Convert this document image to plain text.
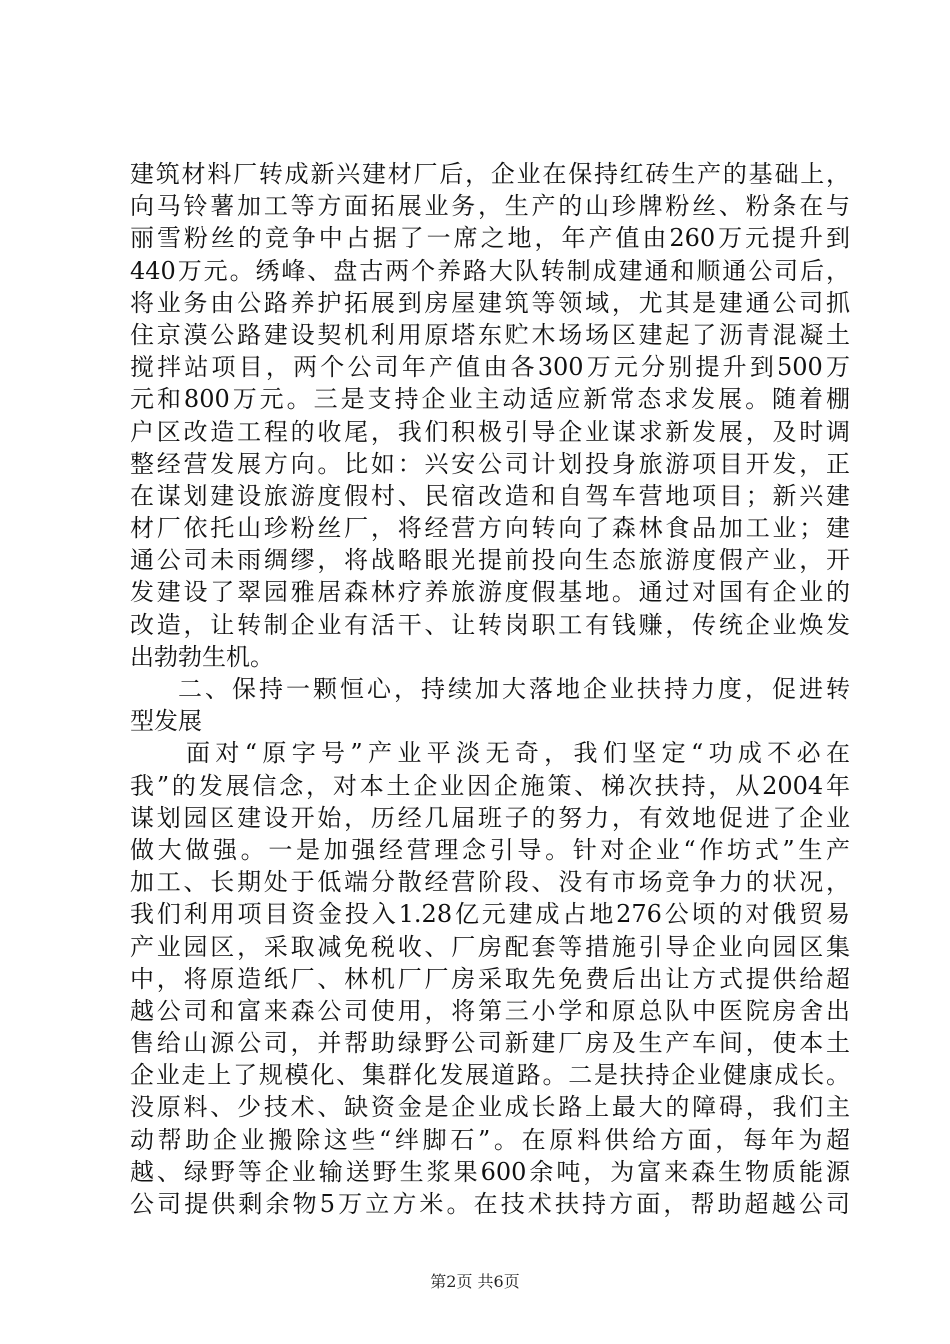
建筑材料厂转成新兴建材厂后，企业在保持红砖生产的基础上，
向马铃薯加工等方面拓展业务，生产的山珍牌粉丝、粉条在与
丽雪粉丝的竞争中占据了一席之地，年产值由260万元提升到
440万元。绣峰、盘古两个养路大队转制成建通和顺通公司后，
将业务由公路养护拓展到房屋建筑等领域，尤其是建通公司抓
住京漠公路建设契机利用原塔东贮木场场区建起了沥青混凝土
搅拌站项目，两个公司年产值由各300万元分别提升到500万
元和800万元。三是支持企业主动适应新常态求发展。随着棚
户区改造工程的收尾，我们积极引导企业谋求新发展，及时调
整经营发展方向。比如：兴安公司计划投身旅游项目开发，正
在谋划建设旅游度假村、民宿改造和自驾车营地项目；新兴建
材厂依托山珍粉丝厂，将经营方向转向了森林食品加工业；建
通公司未雨绸缪，将战略眼光提前投向生态旅游度假产业，开
发建设了翠园雅居森林疗养旅游度假基地。通过对国有企业的
改造，让转制企业有活干、让转岗职工有钱赚，传统企业焕发
出勃勃生机。
二、保持一颗恒心，持续加大落地企业扶持力度，促进转
型发展
面对“原字号”产业平淡无奇，我们坚定“功成不必在
我”的发展信念，对本土企业因企施策、梯次扶持，从2004年
谋划园区建设开始，历经几届班子的努力，有效地促进了企业
做大做强。一是加强经营理念引导。针对企业“作坊式”生产
加工、长期处于低端分散经营阶段、没有市场竞争力的状况，
我们利用项目资金投入1.28亿元建成占地276公顷的对俄贸易
产业园区，采取减免税收、厂房配套等措施引导企业向园区集
中，将原造纸厂、林机厂厂房采取先免费后出让方式提供给超
越公司和富来森公司使用，将第三小学和原总队中医院房舍出
售给山源公司，并帮助绿野公司新建厂房及生产车间，使本土
企业走上了规模化、集群化发展道路。二是扶持企业健康成长。
没原料、少技术、缺资金是企业成长路上最大的障碍，我们主
动帮助企业搬除这些“绊脚石”。在原料供给方面，每年为超
越、绿野等企业输送野生浆果600余吨，为富来森生物质能源
公司提供剩余物5万立方米。在技术扶持方面，帮助超越公司
第2页 共6页
